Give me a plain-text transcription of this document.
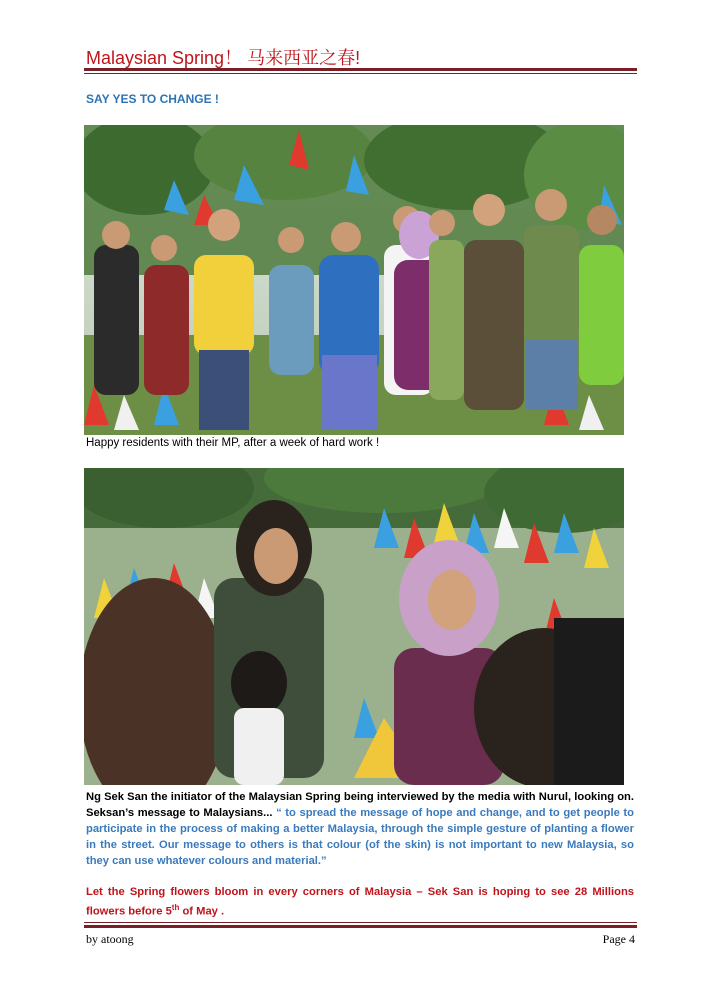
Malaysian Spring！ 马来西亚之春!
SAY YES TO CHANGE !
Happy residents with their MP, after a week of hard work !
Ng Sek San the initiator of the Malaysian Spring being interviewed by the media with Nurul, looking on. Seksan’s message to Malaysians... “ to spread the message of hope and change, and to get people to participate in the process of making a better Malaysia, through the simple gesture of planting a flower in the street. Our message to others is that colour (of the skin) is not important to new Malaysia, so they can use whatever colours and material.”
Let the Spring flowers bloom in every corners of Malaysia – Sek San is hoping to see 28 Millions flowers before 5th of May .
by atoong	Page 4
